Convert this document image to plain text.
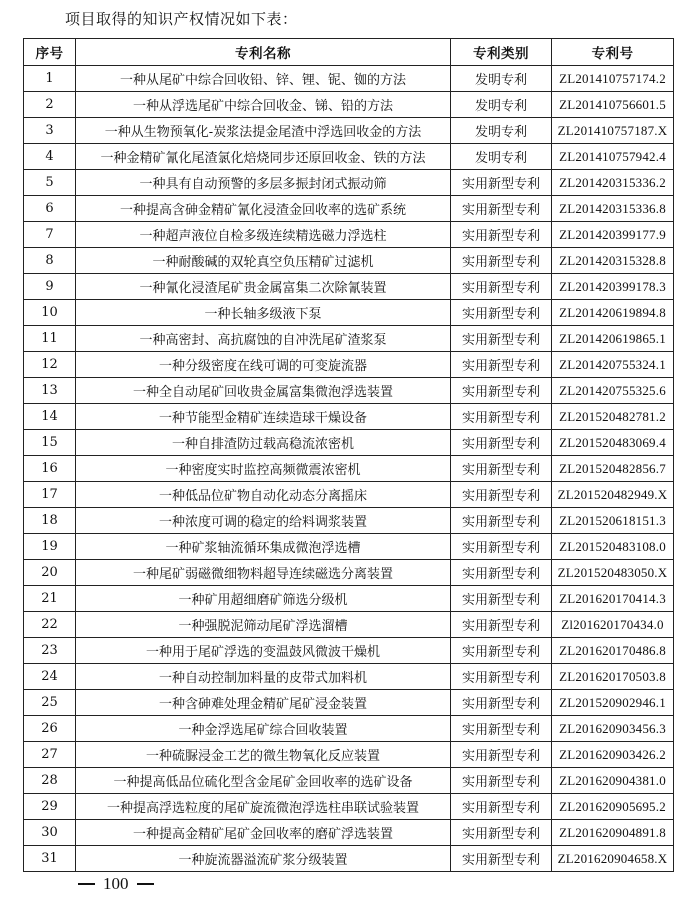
项目取得的知识产权情况如下表：
序号	专利名称	专利类别	专利号
1	一种从尾矿中综合回收铅、锌、锂、铌、铷的方法	发明专利	ZL201410757174.2
2	一种从浮选尾矿中综合回收金、锑、铅的方法	发明专利	ZL201410756601.5
3	一种从生物预氧化-炭浆法提金尾渣中浮选回收金的方法	发明专利	ZL201410757187.X
4	一种金精矿氰化尾渣氯化焙烧同步还原回收金、铁的方法	发明专利	ZL201410757942.4
5	一种具有自动预警的多层多振封闭式振动筛	实用新型专利	ZL201420315336.2
6	一种提高含砷金精矿氰化浸渣金回收率的选矿系统	实用新型专利	ZL201420315336.8
7	一种超声液位自检多级连续精选磁力浮选柱	实用新型专利	ZL201420399177.9
8	一种耐酸碱的双轮真空负压精矿过滤机	实用新型专利	ZL201420315328.8
9	一种氰化浸渣尾矿贵金属富集二次除氰装置	实用新型专利	ZL201420399178.3
10	一种长轴多级液下泵	实用新型专利	ZL201420619894.8
11	一种高密封、高抗腐蚀的自冲洗尾矿渣浆泵	实用新型专利	ZL201420619865.1
12	一种分级密度在线可调的可变旋流器	实用新型专利	ZL201420755324.1
13	一种全自动尾矿回收贵金属富集微泡浮选装置	实用新型专利	ZL201420755325.6
14	一种节能型金精矿连续造球干燥设备	实用新型专利	ZL201520482781.2
15	一种自排渣防过载高稳流浓密机	实用新型专利	ZL201520483069.4
16	一种密度实时监控高频微震浓密机	实用新型专利	ZL201520482856.7
17	一种低品位矿物自动化动态分离摇床	实用新型专利	ZL201520482949.X
18	一种浓度可调的稳定的给料调浆装置	实用新型专利	ZL201520618151.3
19	一种矿浆轴流循环集成微泡浮选槽	实用新型专利	ZL201520483108.0
20	一种尾矿弱磁微细物料超导连续磁选分离装置	实用新型专利	ZL201520483050.X
21	一种矿用超细磨矿筛选分级机	实用新型专利	ZL201620170414.3
22	一种强脱泥筛动尾矿浮选溜槽	实用新型专利	Zl201620170434.0
23	一种用于尾矿浮选的变温鼓风微波干燥机	实用新型专利	ZL201620170486.8
24	一种自动控制加料量的皮带式加料机	实用新型专利	ZL201620170503.8
25	一种含砷难处理金精矿尾矿浸金装置	实用新型专利	ZL201520902946.1
26	一种金浮选尾矿综合回收装置	实用新型专利	ZL201620903456.3
27	一种硫脲浸金工艺的微生物氧化反应装置	实用新型专利	ZL201620903426.2
28	一种提高低品位硫化型含金尾矿金回收率的选矿设备	实用新型专利	ZL201620904381.0
29	一种提高浮选粒度的尾矿旋流微泡浮选柱串联试验装置	实用新型专利	ZL201620905695.2
30	一种提高金精矿尾矿金回收率的磨矿浮选装置	实用新型专利	ZL201620904891.8
31	一种旋流器溢流矿浆分级装置	实用新型专利	ZL201620904658.X
100
